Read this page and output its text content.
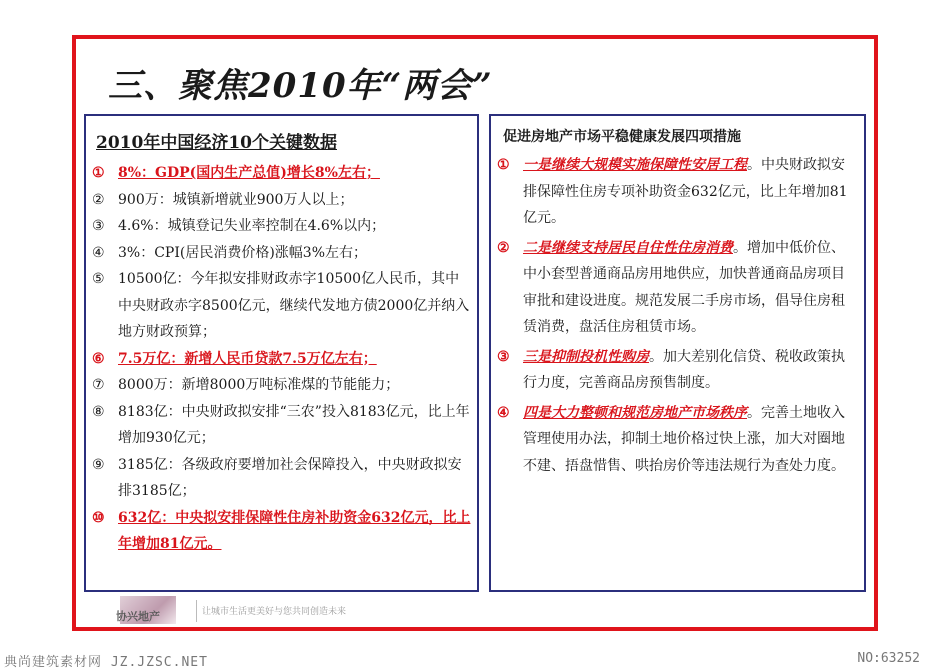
三、聚焦2010年“两会”
2010年中国经济10个关键数据
① 8%：GDP(国内生产总值)增长8%左右；
② 900万：城镇新增就业900万人以上；
③ 4.6%：城镇登记失业率控制在4.6%以内；
④ 3%：CPI(居民消费价格)涨幅3%左右；
⑤ 10500亿：今年拟安排财政赤字10500亿人民币，其中中央财政赤字8500亿元，继续代发地方债2000亿并纳入地方财政预算；
⑥ 7.5万亿：新增人民币贷款7.5万亿左右；
⑦ 8000万：新增8000万吨标准煤的节能能力；
⑧ 8183亿：中央财政拟安排“三农”投入8183亿元，比上年增加930亿元；
⑨ 3185亿：各级政府要增加社会保障投入，中央财政拟安排3185亿；
⑩ 632亿：中央拟安排保障性住房补助资金632亿元，比上年增加81亿元。
促进房地产市场平稳健康发展四项措施
① 一是继续大规模实施保障性安居工程。中央财政拟安排保障性住房专项补助资金632亿元，比上年增加81亿元。
② 二是继续支持居民自住性住房消费。增加中低价位、中小套型普通商品房用地供应，加快普通商品房项目审批和建设进度。规范发展二手房市场，倡导住房租赁消费，盘活住房租赁市场。
③ 三是抑制投机性购房。加大差别化信贷、税收政策执行力度，完善商品房预售制度。
④ 四是大力整顿和规范房地产市场秩序。完善土地收入管理使用办法，抑制土地价格过快上涨，加大对圈地不建、捂盘惜售、哄抬房价等违法规行为查处力度。
协兴地产	让城市生活更美好与您共同创造未来
典尚建筑素材网 JZ.JZSC.NET	NO:63252
